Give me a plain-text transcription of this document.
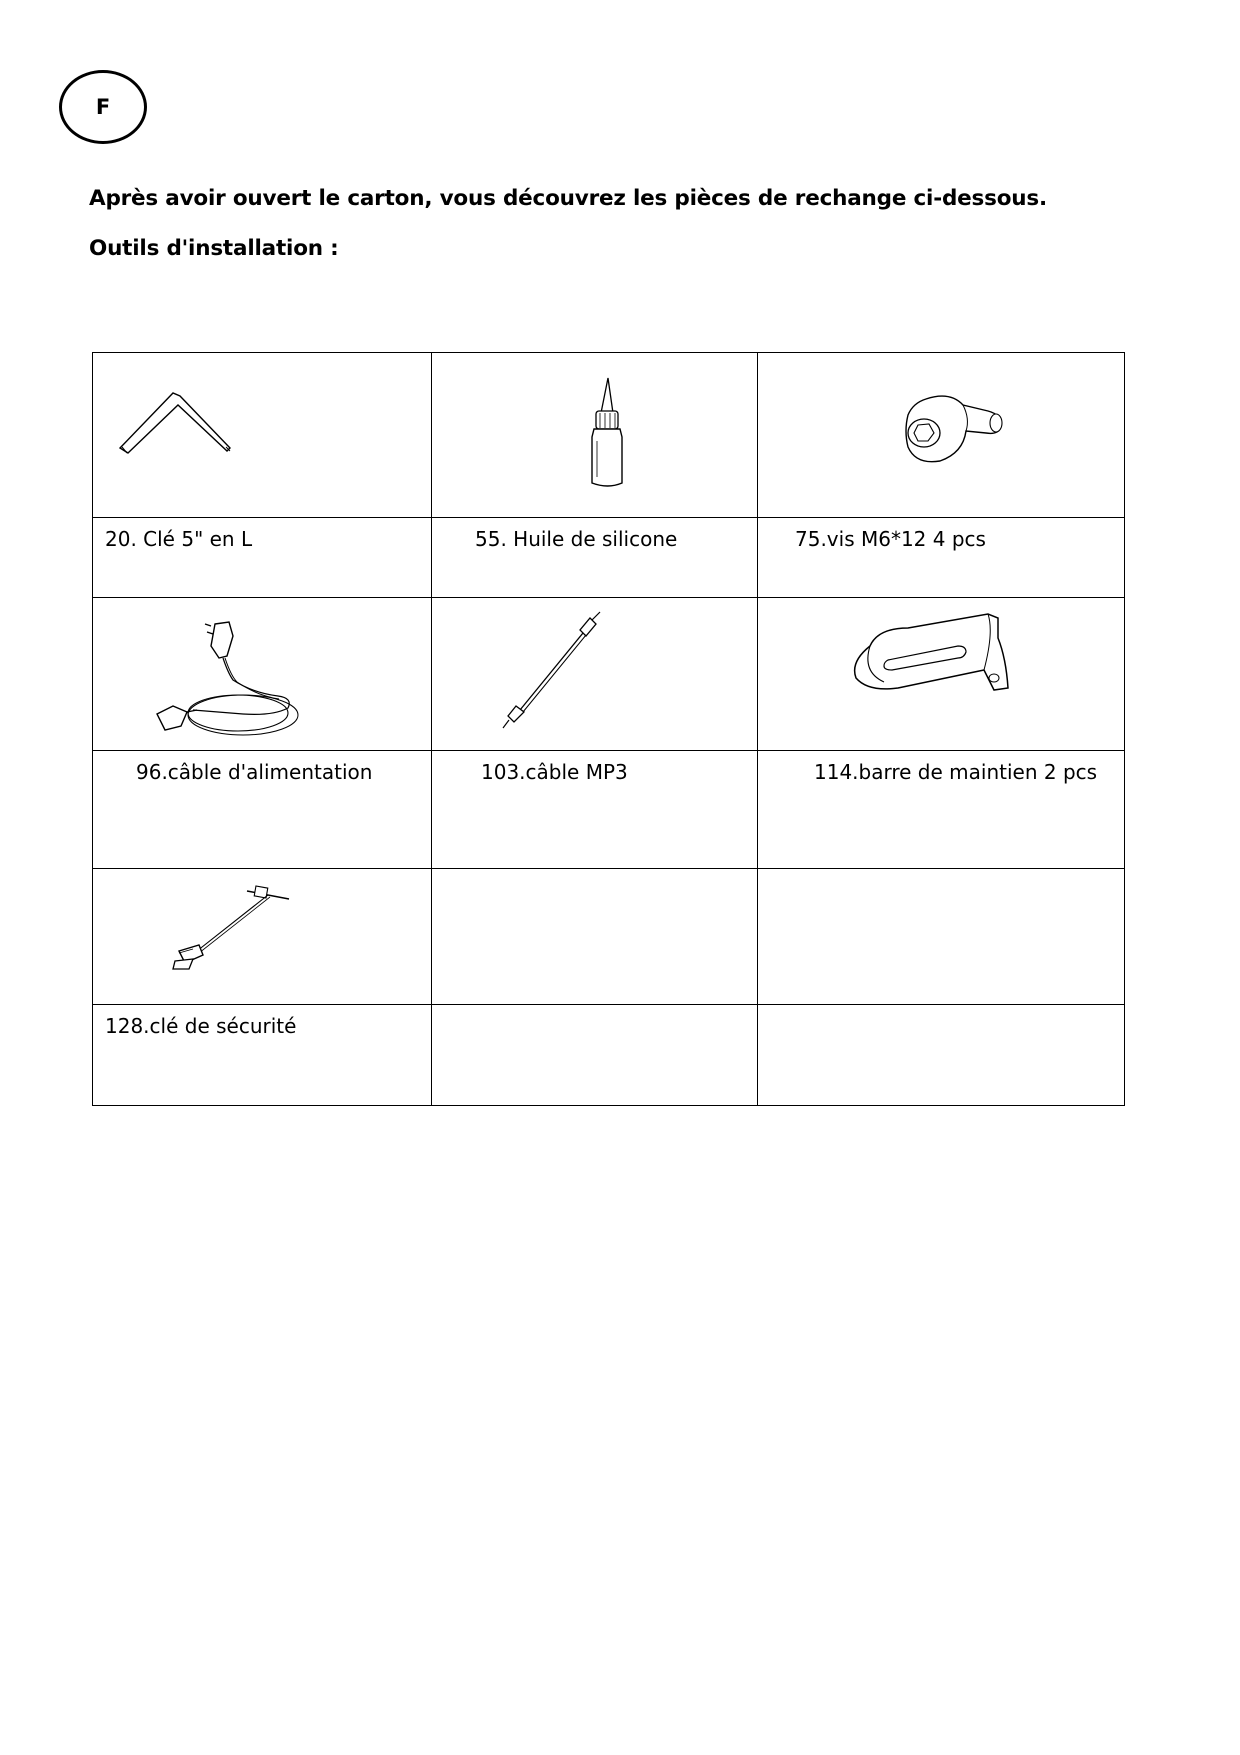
F

Après avoir ouvert le carton, vous découvrez les pièces de rechange ci-dessous.

Outils d'installation :

20. Clé 5" en L	55. Huile de silicone	75.vis M6*12 4 pcs

96.câble d'alimentation	103.câble MP3	114.barre de maintien 2 pcs

128.clé de sécurité		
